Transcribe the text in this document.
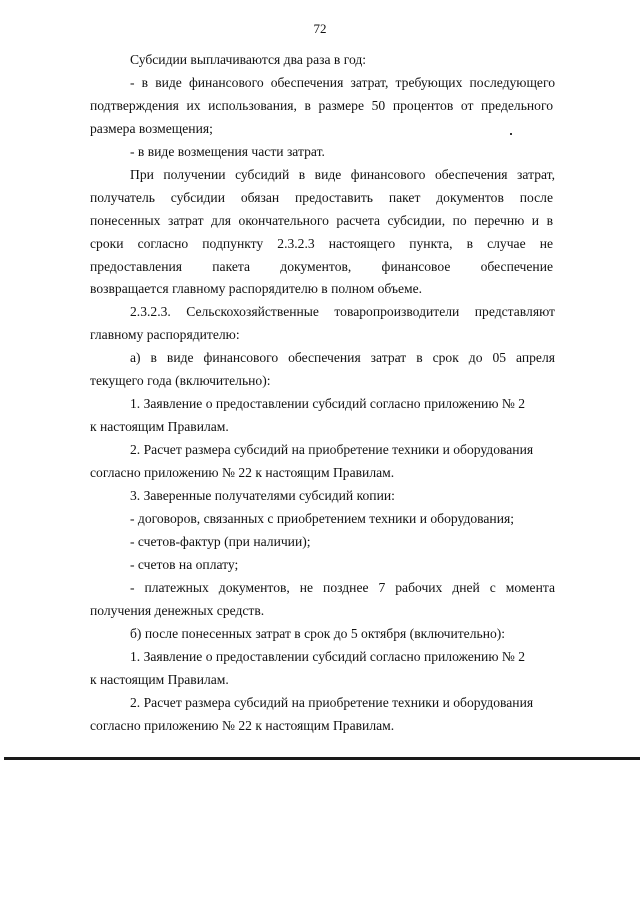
72
Субсидии выплачиваются два раза в год:
- в виде финансового обеспечения затрат, требующих последующего
подтверждения их использования, в размере 50 процентов от предельного
размера возмещения;
- в виде возмещения части затрат.
При получении субсидий в виде финансового обеспечения затрат,
получатель субсидии обязан предоставить пакет документов после
понесенных затрат для окончательного расчета субсидии, по перечню и в
сроки согласно подпункту 2.3.2.3 настоящего пункта, в случае не
предоставления пакета документов, финансовое обеспечение
возвращается главному распорядителю в полном объеме.
2.3.2.3. Сельскохозяйственные товаропроизводители представляют
главному распорядителю:
а) в виде финансового обеспечения затрат в срок до 05 апреля
текущего года (включительно):
1. Заявление о предоставлении субсидий согласно приложению № 2
к настоящим Правилам.
2. Расчет размера субсидий на приобретение техники и оборудования
согласно приложению № 22 к настоящим Правилам.
3. Заверенные получателями субсидий копии:
- договоров, связанных с приобретением техники и оборудования;
- счетов-фактур (при наличии);
- счетов на оплату;
- платежных документов, не позднее 7 рабочих дней с момента
получения денежных средств.
б) после понесенных затрат в срок до 5 октября (включительно):
1. Заявление о предоставлении субсидий согласно приложению № 2
к настоящим Правилам.
2. Расчет размера субсидий на приобретение техники и оборудования
согласно приложению № 22 к настоящим Правилам.
